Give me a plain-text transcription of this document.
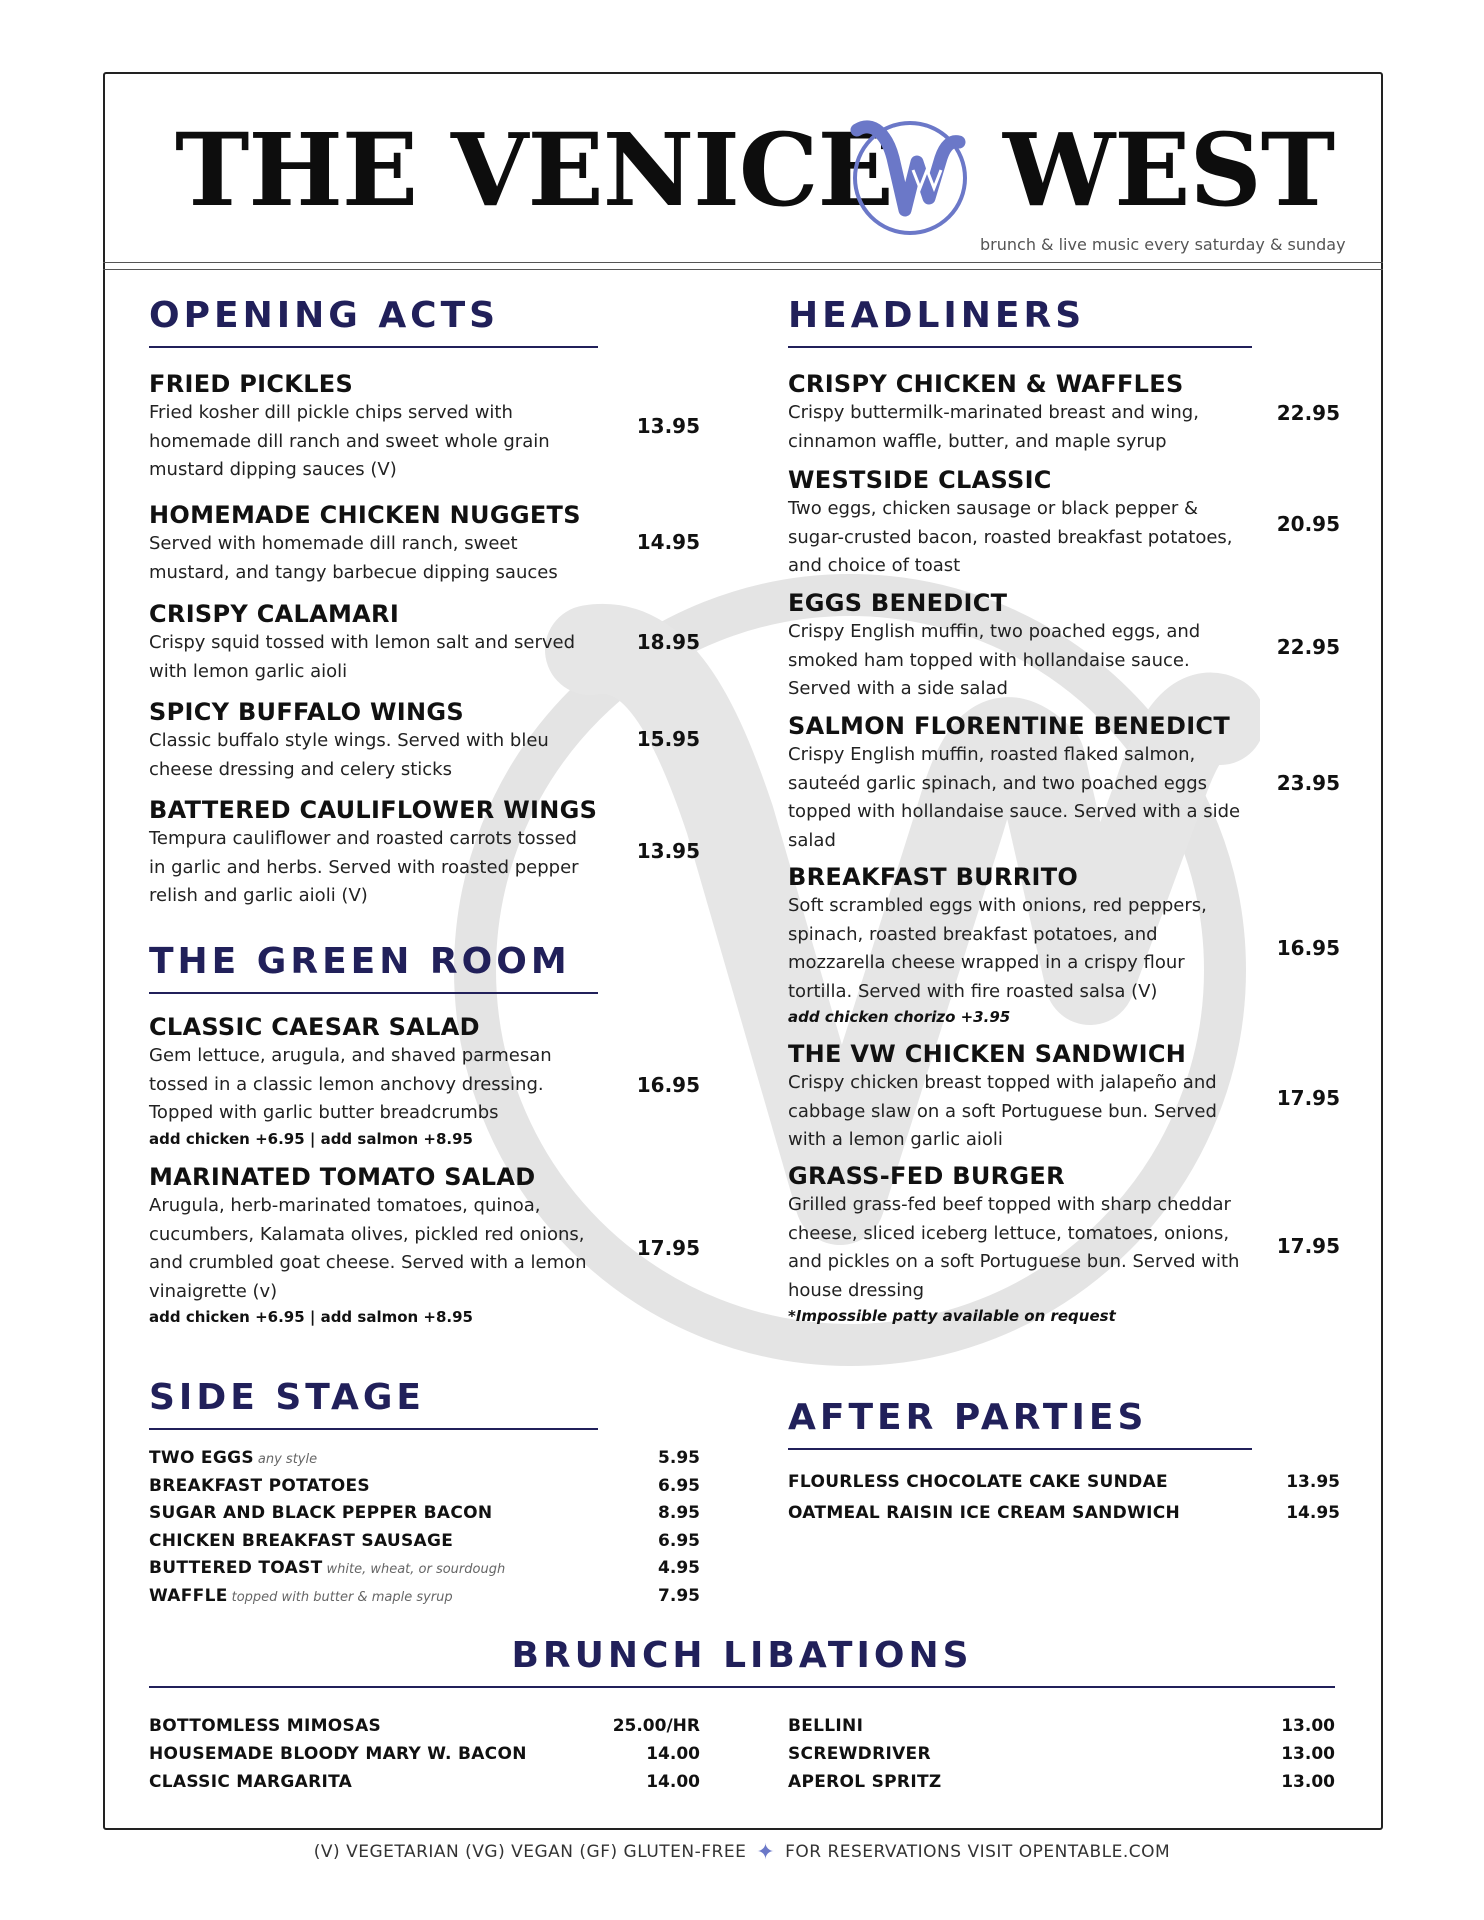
THE VENICE WEST
brunch & live music every saturday & sunday
OPENING ACTS
FRIED PICKLES
Fried kosher dill pickle chips served with homemade dill ranch and sweet whole grain mustard dipping sauces (V)
13.95
HOMEMADE CHICKEN NUGGETS
Served with homemade dill ranch, sweet mustard, and tangy barbecue dipping sauces
14.95
CRISPY CALAMARI
Crispy squid tossed with lemon salt and served with lemon garlic aioli
18.95
SPICY BUFFALO WINGS
Classic buffalo style wings. Served with bleu cheese dressing and celery sticks
15.95
BATTERED CAULIFLOWER WINGS
Tempura cauliflower and roasted carrots tossed in garlic and herbs. Served with roasted pepper relish and garlic aioli (V)
13.95
THE GREEN ROOM
CLASSIC CAESAR SALAD
Gem lettuce, arugula, and shaved parmesan tossed in a classic lemon anchovy dressing. Topped with garlic butter breadcrumbs
add chicken +6.95 | add salmon +8.95
16.95
MARINATED TOMATO SALAD
Arugula, herb-marinated tomatoes, quinoa, cucumbers, Kalamata olives, pickled red onions, and crumbled goat cheese. Served with a lemon vinaigrette (v)
add chicken +6.95 | add salmon +8.95
17.95
HEADLINERS
CRISPY CHICKEN & WAFFLES
Crispy buttermilk-marinated breast and wing, cinnamon waffle, butter, and maple syrup
22.95
WESTSIDE CLASSIC
Two eggs, chicken sausage or black pepper & sugar-crusted bacon, roasted breakfast potatoes, and choice of toast
20.95
EGGS BENEDICT
Crispy English muffin, two poached eggs, and smoked ham topped with hollandaise sauce. Served with a side salad
22.95
SALMON FLORENTINE BENEDICT
Crispy English muffin, roasted flaked salmon, sauteéd garlic spinach, and two poached eggs topped with hollandaise sauce. Served with a side salad
23.95
BREAKFAST BURRITO
Soft scrambled eggs with onions, red peppers, spinach, roasted breakfast potatoes, and mozzarella cheese wrapped in a crispy flour tortilla. Served with fire roasted salsa (V)
add chicken chorizo +3.95
16.95
THE VW CHICKEN SANDWICH
Crispy chicken breast topped with jalapeño and cabbage slaw on a soft Portuguese bun. Served with a lemon garlic aioli
17.95
GRASS-FED BURGER
Grilled grass-fed beef topped with sharp cheddar cheese, sliced iceberg lettuce, tomatoes, onions, and pickles on a soft Portuguese bun. Served with house dressing
*Impossible patty available on request
17.95
SIDE STAGE
TWO EGGS any style	5.95
BREAKFAST POTATOES	6.95
SUGAR AND BLACK PEPPER BACON	8.95
CHICKEN BREAKFAST SAUSAGE	6.95
BUTTERED TOAST white, wheat, or sourdough	4.95
WAFFLE topped with butter & maple syrup	7.95
AFTER PARTIES
FLOURLESS CHOCOLATE CAKE SUNDAE	13.95
OATMEAL RAISIN ICE CREAM SANDWICH	14.95
BRUNCH LIBATIONS
BOTTOMLESS MIMOSAS	25.00/HR
HOUSEMADE BLOODY MARY W. BACON	14.00
CLASSIC MARGARITA	14.00
BELLINI	13.00
SCREWDRIVER	13.00
APEROL SPRITZ	13.00
(V) VEGETARIAN (VG) VEGAN (GF) GLUTEN-FREE ✦ FOR RESERVATIONS VISIT OPENTABLE.COM
